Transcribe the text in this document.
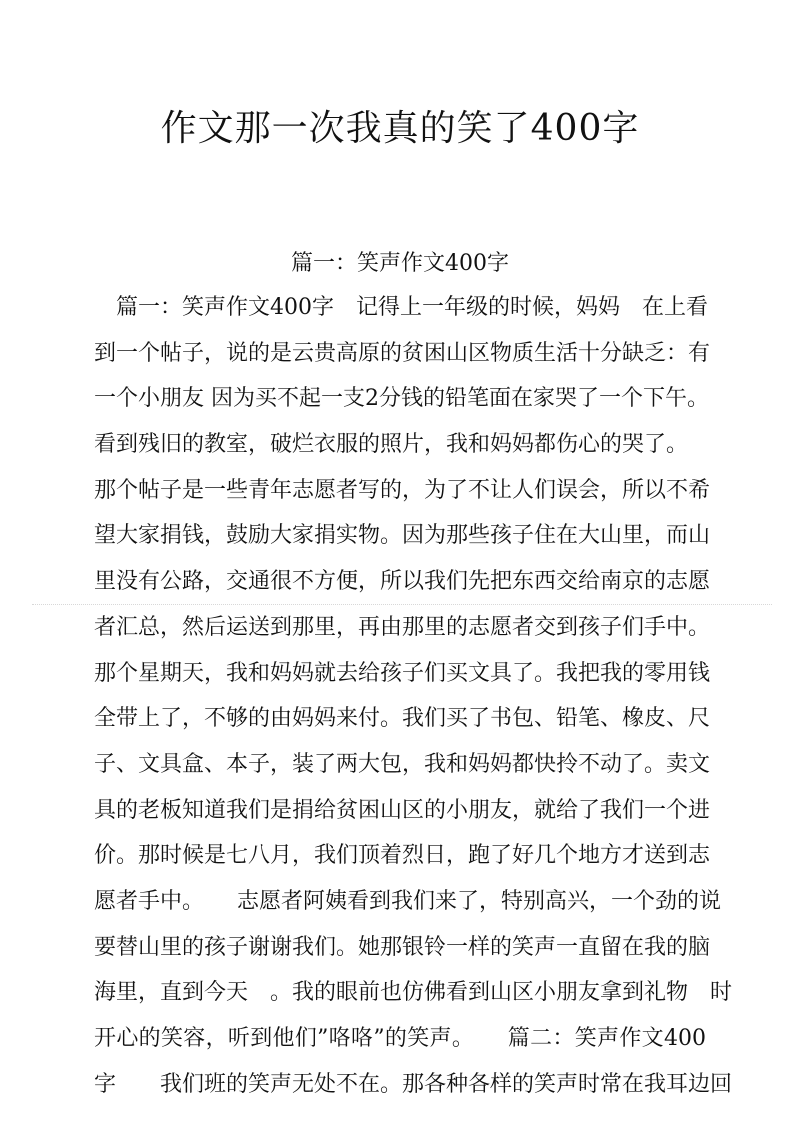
作文那一次我真的笑了400字
篇一：笑声作文400字
　篇一：笑声作文400字　记得上一年级的时候，妈妈　在上看
到一个帖子，说的是云贵高原的贫困山区物质生活十分缺乏：有
一个小朋友 因为买不起一支2分钱的铅笔面在家哭了一个下午。
看到残旧的教室，破烂衣服的照片，我和妈妈都伤心的哭了。
那个帖子是一些青年志愿者写的，为了不让人们误会，所以不希
望大家捐钱，鼓励大家捐实物。因为那些孩子住在大山里，而山
里没有公路，交通很不方便，所以我们先把东西交给南京的志愿
者汇总，然后运送到那里，再由那里的志愿者交到孩子们手中。
那个星期天，我和妈妈就去给孩子们买文具了。我把我的零用钱
全带上了，不够的由妈妈来付。我们买了书包、铅笔、橡皮、尺
子、文具盒、本子，装了两大包，我和妈妈都快拎不动了。卖文
具的老板知道我们是捐给贫困山区的小朋友，就给了我们一个进
价。那时候是七八月，我们顶着烈日，跑了好几个地方才送到志
愿者手中。　　志愿者阿姨看到我们来了，特别高兴，一个劲的说
要替山里的孩子谢谢我们。她那银铃一样的笑声一直留在我的脑
海里，直到今天　。我的眼前也仿佛看到山区小朋友拿到礼物　时
开心的笑容，听到他们”咯咯”的笑声。　　篇二：笑声作文400
字　　我们班的笑声无处不在。那各种各样的笑声时常在我耳边回
